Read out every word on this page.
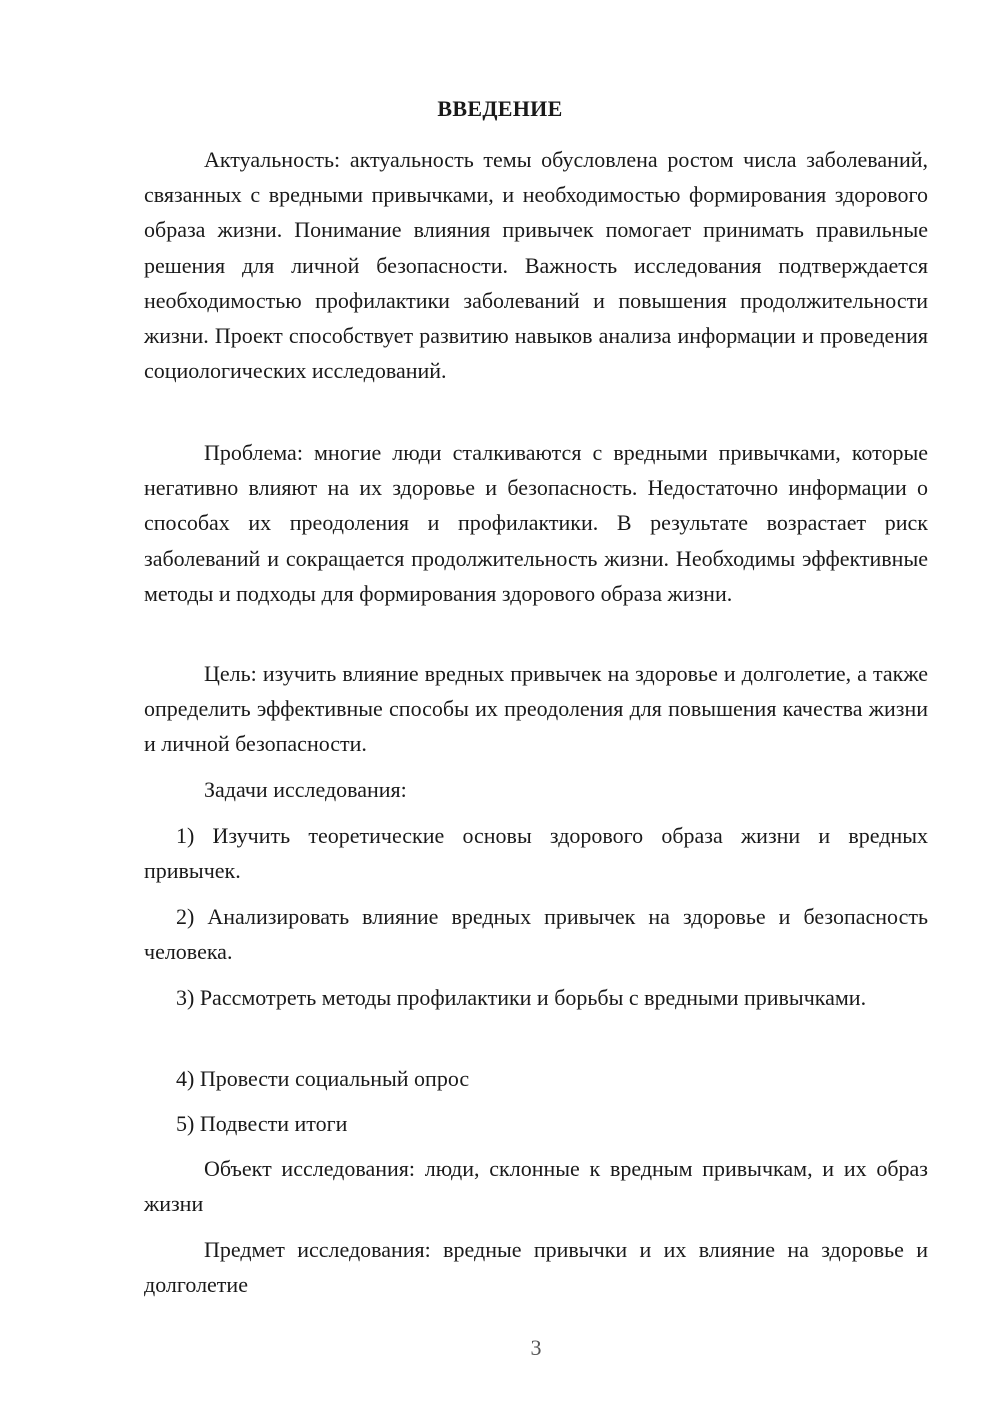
ВВЕДЕНИЕ

Актуальность: актуальность темы обусловлена ростом числа заболеваний, связанных с вредными привычками, и необходимостью формирования здорового образа жизни. Понимание влияния привычек помогает принимать правильные решения для личной безопасности. Важность исследования подтверждается необходимостью профилактики заболеваний и повышения продолжительности жизни. Проект способствует развитию навыков анализа информации и проведения социологических исследований.

Проблема: многие люди сталкиваются с вредными привычками, которые негативно влияют на их здоровье и безопасность. Недостаточно информации о способах их преодоления и профилактики. В результате возрастает риск заболеваний и сокращается продолжительность жизни. Необходимы эффективные методы и подходы для формирования здорового образа жизни.

Цель: изучить влияние вредных привычек на здоровье и долголетие, а также определить эффективные способы их преодоления для повышения качества жизни и личной безопасности.

Задачи исследования:

1) Изучить теоретические основы здорового образа жизни и вредных привычек.

2) Анализировать влияние вредных привычек на здоровье и безопасность человека.

3) Рассмотреть методы профилактики и борьбы с вредными привычками.

4) Провести социальный опрос

5) Подвести итоги

Объект исследования: люди, склонные к вредным привычкам, и их образ жизни

Предмет исследования: вредные привычки и их влияние на здоровье и долголетие

3
